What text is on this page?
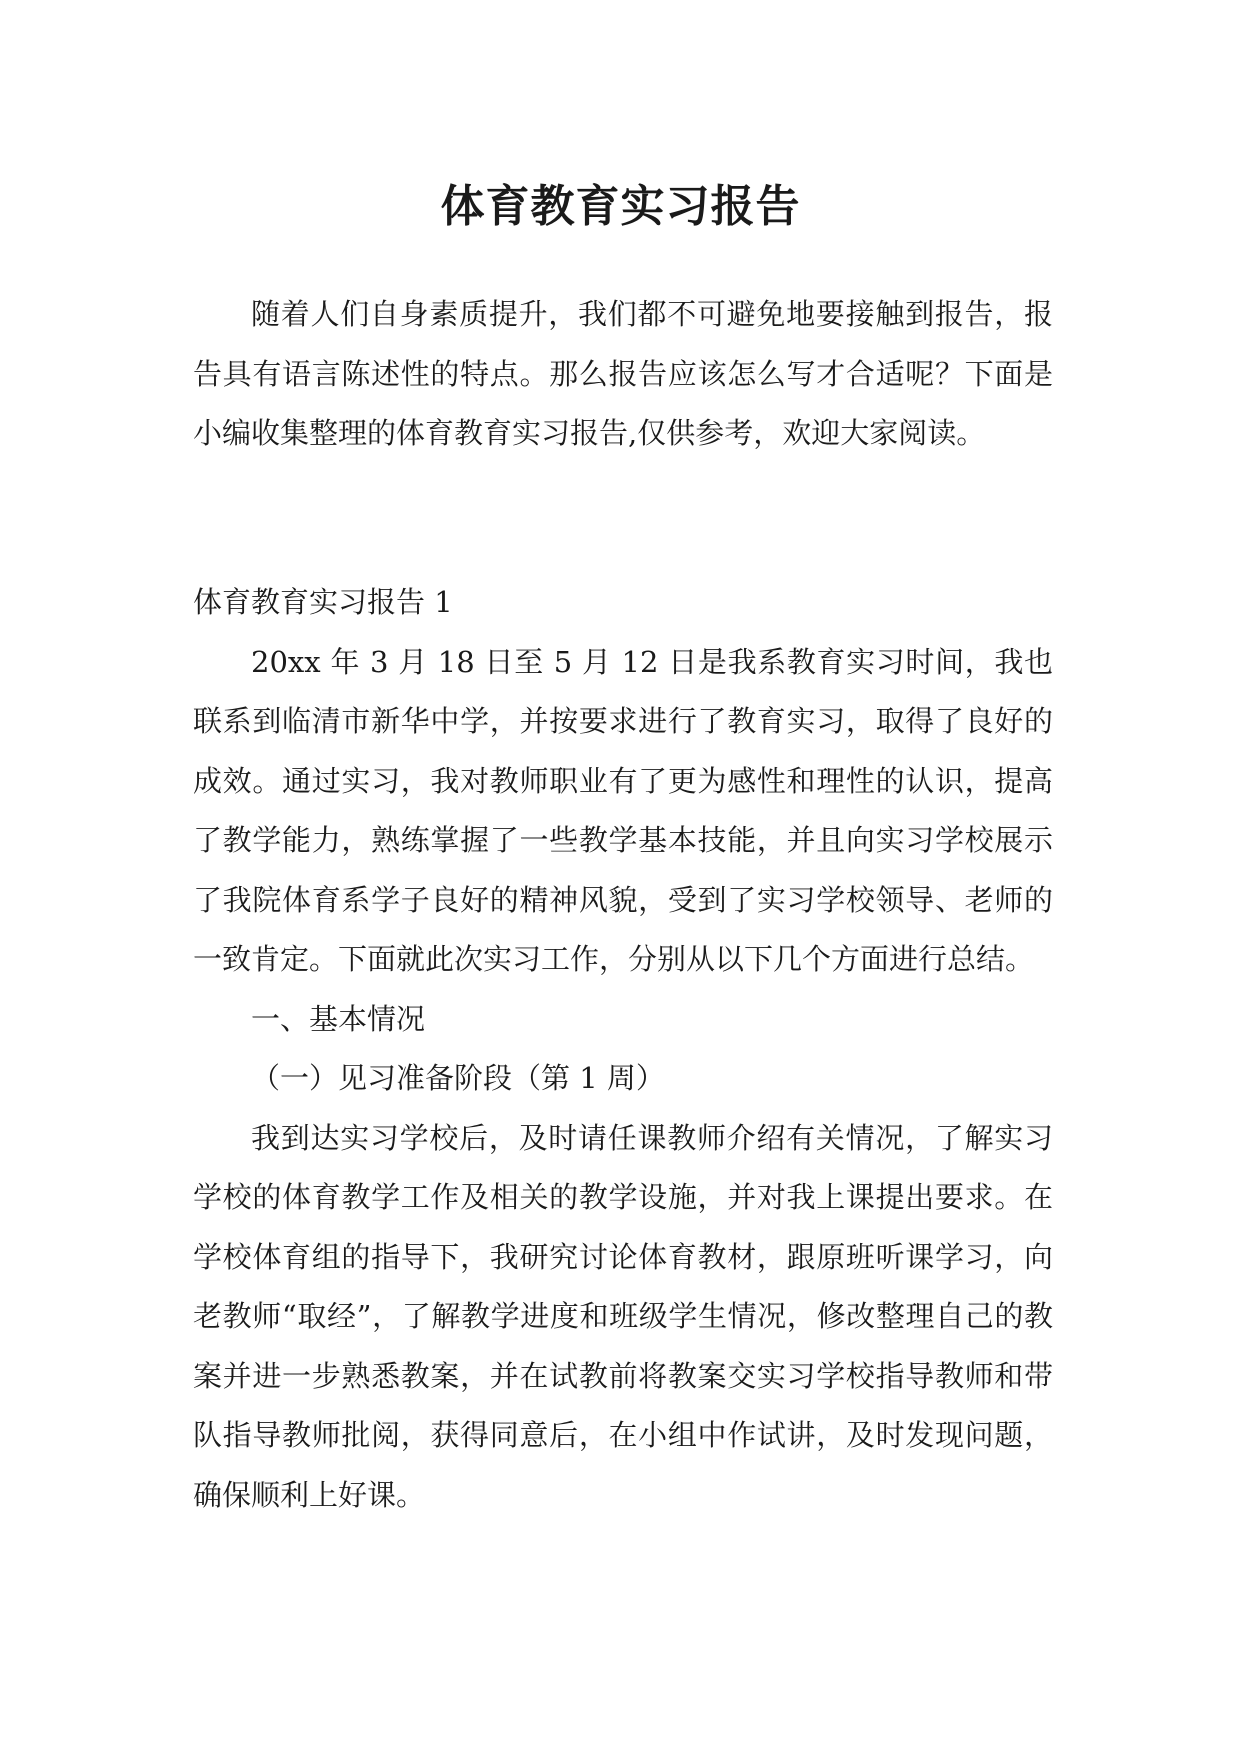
体育教育实习报告

随着人们自身素质提升，我们都不可避免地要接触到报告，报告具有语言陈述性的特点。那么报告应该怎么写才合适呢？下面是小编收集整理的体育教育实习报告,仅供参考，欢迎大家阅读。

体育教育实习报告 1

20xx 年 3 月 18 日至 5 月 12 日是我系教育实习时间，我也联系到临清市新华中学，并按要求进行了教育实习，取得了良好的成效。通过实习，我对教师职业有了更为感性和理性的认识，提高了教学能力，熟练掌握了一些教学基本技能，并且向实习学校展示了我院体育系学子良好的精神风貌，受到了实习学校领导、老师的一致肯定。下面就此次实习工作，分别从以下几个方面进行总结。

一、基本情况

（一）见习准备阶段（第 1 周）

我到达实习学校后，及时请任课教师介绍有关情况，了解实习学校的体育教学工作及相关的教学设施，并对我上课提出要求。在学校体育组的指导下，我研究讨论体育教材，跟原班听课学习，向老教师“取经”，了解教学进度和班级学生情况，修改整理自己的教案并进一步熟悉教案，并在试教前将教案交实习学校指导教师和带队指导教师批阅，获得同意后，在小组中作试讲，及时发现问题，确保顺利上好课。
